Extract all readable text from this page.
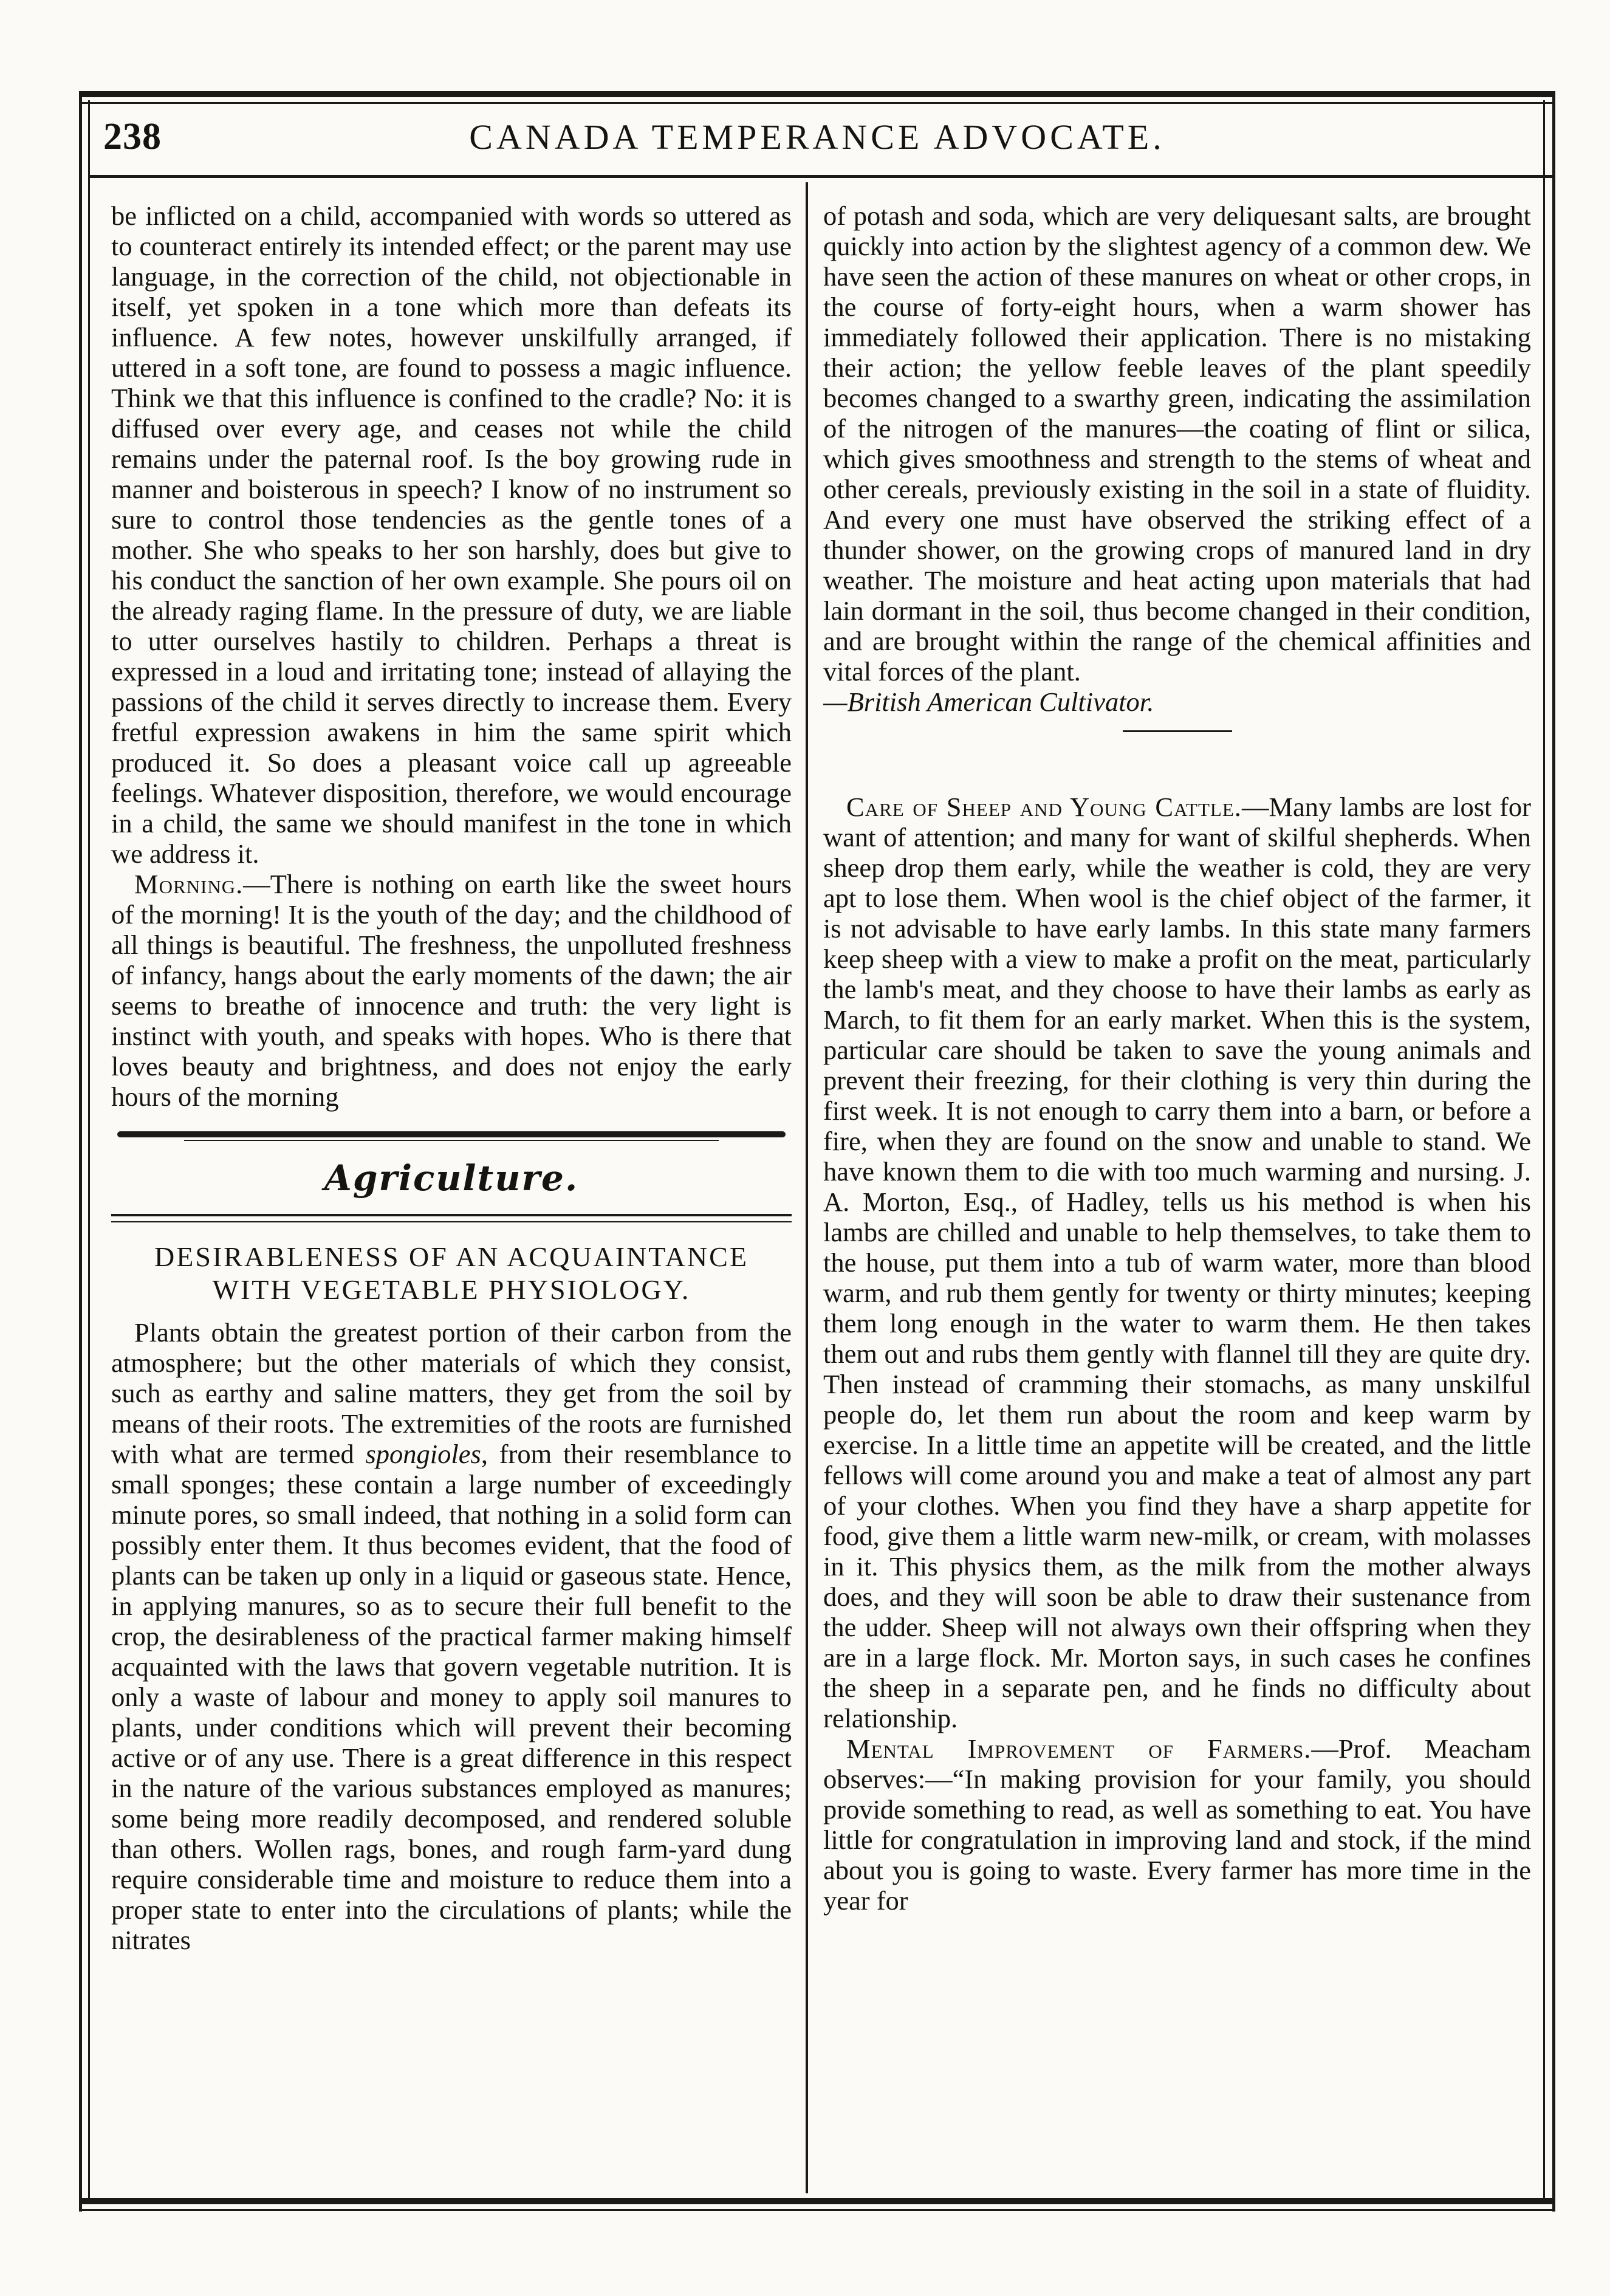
238	CANADA TEMPERANCE ADVOCATE.

be inflicted on a child, accompanied with words so uttered as to counteract entirely its intended effect; or the parent may use language, in the correction of the child, not objectionable in itself, yet spoken in a tone which more than defeats its influence. A few notes, however unskilfully arranged, if uttered in a soft tone, are found to possess a magic influence. Think we that this influence is confined to the cradle? No: it is diffused over every age, and ceases not while the child remains under the paternal roof. Is the boy growing rude in manner and boisterous in speech? I know of no instrument so sure to control those tendencies as the gentle tones of a mother. She who speaks to her son harshly, does but give to his conduct the sanction of her own example. She pours oil on the already raging flame. In the pressure of duty, we are liable to utter ourselves hastily to children. Perhaps a threat is expressed in a loud and irritating tone; instead of allaying the passions of the child it serves directly to increase them. Every fretful expression awakens in him the same spirit which produced it. So does a pleasant voice call up agreeable feelings. Whatever disposition, therefore, we would encourage in a child, the same we should manifest in the tone in which we address it.

Morning.—There is nothing on earth like the sweet hours of the morning! It is the youth of the day; and the childhood of all things is beautiful. The freshness, the unpolluted freshness of infancy, hangs about the early moments of the dawn; the air seems to breathe of innocence and truth: the very light is instinct with youth, and speaks with hopes. Who is there that loves beauty and brightness, and does not enjoy the early hours of the morning

Agriculture.
DESIRABLENESS OF AN ACQUAINTANCE
WITH VEGETABLE PHYSIOLOGY.

Plants obtain the greatest portion of their carbon from the atmosphere; but the other materials of which they consist, such as earthy and saline matters, they get from the soil by means of their roots. The extremities of the roots are furnished with what are termed spongioles, from their resemblance to small sponges; these contain a large number of exceedingly minute pores, so small indeed, that nothing in a solid form can possibly enter them. It thus becomes evident, that the food of plants can be taken up only in a liquid or gaseous state. Hence, in applying manures, so as to secure their full benefit to the crop, the desirableness of the practical farmer making himself acquainted with the laws that govern vegetable nutrition. It is only a waste of labour and money to apply soil manures to plants, under conditions which will prevent their becoming active or of any use. There is a great difference in this respect in the nature of the various substances employed as manures; some being more readily decomposed, and rendered soluble than others. Wollen rags, bones, and rough farm-yard dung require considerable time and moisture to reduce them into a proper state to enter into the circulations of plants; while the nitrates

of potash and soda, which are very deliquesant salts, are brought quickly into action by the slightest agency of a common dew. We have seen the action of these manures on wheat or other crops, in the course of forty-eight hours, when a warm shower has immediately followed their application. There is no mistaking their action; the yellow feeble leaves of the plant speedily becomes changed to a swarthy green, indicating the assimilation of the nitrogen of the manures—the coating of flint or silica, which gives smoothness and strength to the stems of wheat and other cereals, previously existing in the soil in a state of fluidity. And every one must have observed the striking effect of a thunder shower, on the growing crops of manured land in dry weather. The moisture and heat acting upon materials that had lain dormant in the soil, thus become changed in their condition, and are brought within the range of the chemical affinities and vital forces of the plant.

—British American Cultivator.

Care of Sheep and Young Cattle.—Many lambs are lost for want of attention; and many for want of skilful shepherds. When sheep drop them early, while the weather is cold, they are very apt to lose them. When wool is the chief object of the farmer, it is not advisable to have early lambs. In this state many farmers keep sheep with a view to make a profit on the meat, particularly the lamb's meat, and they choose to have their lambs as early as March, to fit them for an early market. When this is the system, particular care should be taken to save the young animals and prevent their freezing, for their clothing is very thin during the first week. It is not enough to carry them into a barn, or before a fire, when they are found on the snow and unable to stand. We have known them to die with too much warming and nursing. J. A. Morton, Esq., of Hadley, tells us his method is when his lambs are chilled and unable to help themselves, to take them to the house, put them into a tub of warm water, more than blood warm, and rub them gently for twenty or thirty minutes; keeping them long enough in the water to warm them. He then takes them out and rubs them gently with flannel till they are quite dry. Then instead of cramming their stomachs, as many unskilful people do, let them run about the room and keep warm by exercise. In a little time an appetite will be created, and the little fellows will come around you and make a teat of almost any part of your clothes. When you find they have a sharp appetite for food, give them a little warm new-milk, or cream, with molasses in it. This physics them, as the milk from the mother always does, and they will soon be able to draw their sustenance from the udder. Sheep will not always own their offspring when they are in a large flock. Mr. Morton says, in such cases he confines the sheep in a separate pen, and he finds no difficulty about relationship.

Mental Improvement of Farmers.—Prof. Meacham observes:—“In making provision for your family, you should provide something to read, as well as something to eat. You have little for congratulation in improving land and stock, if the mind about you is going to waste. Every farmer has more time in the year for
